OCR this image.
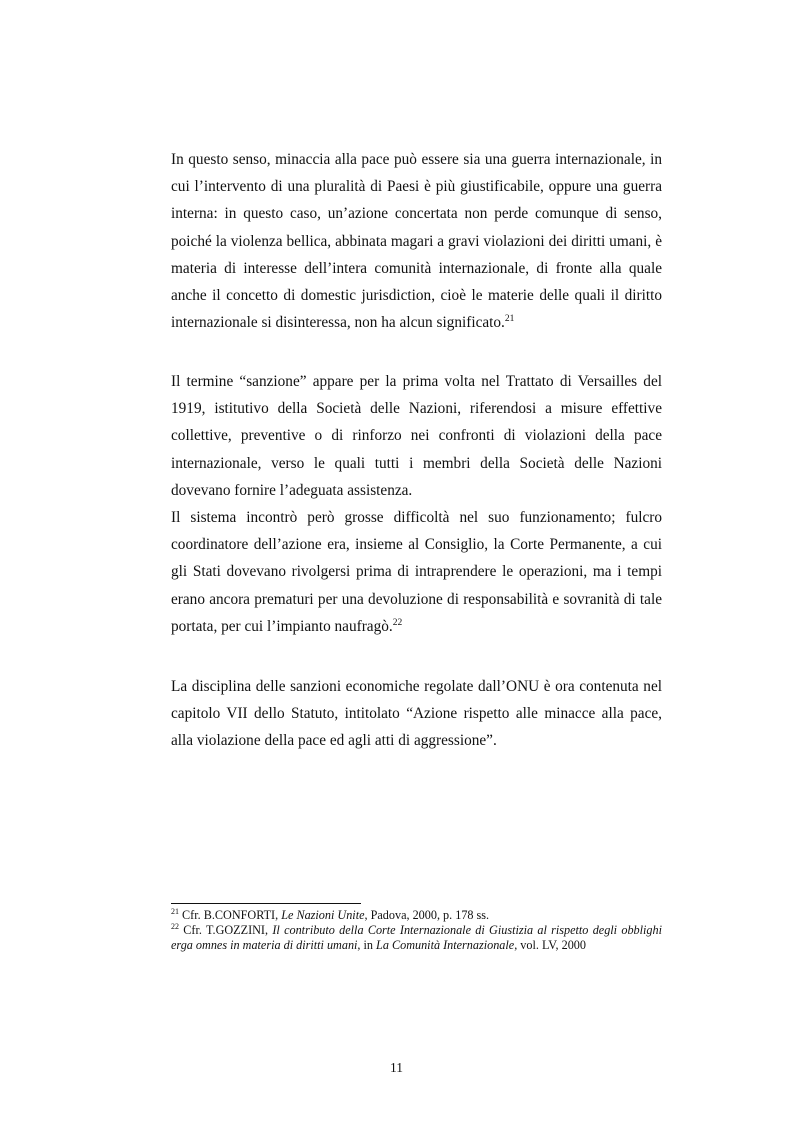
In questo senso, minaccia alla pace può essere sia una guerra internazionale, in cui l’intervento di una pluralità di Paesi è più giustificabile, oppure una guerra interna: in questo caso, un’azione concertata non perde comunque di senso, poiché la violenza bellica, abbinata magari a gravi violazioni dei diritti umani, è materia di interesse dell’intera comunità internazionale, di fronte alla quale anche il concetto di domestic jurisdiction, cioè le materie delle quali il diritto internazionale si disinteressa, non ha alcun significato.$^{21}$

Il termine “sanzione” appare per la prima volta nel Trattato di Versailles del 1919, istitutivo della Società delle Nazioni, riferendosi a misure effettive collettive, preventive o di rinforzo nei confronti di violazioni della pace internazionale, verso le quali tutti i membri della Società delle Nazioni dovevano fornire l’adeguata assistenza.

Il sistema incontrò però grosse difficoltà nel suo funzionamento; fulcro coordinatore dell’azione era, insieme al Consiglio, la Corte Permanente, a cui gli Stati dovevano rivolgersi prima di intraprendere le operazioni, ma i tempi erano ancora prematuri per una devoluzione di responsabilità e sovranità di tale portata, per cui l’impianto naufragò.$^{22}$

La disciplina delle sanzioni economiche regolate dall’ONU è ora contenuta nel capitolo VII dello Statuto, intitolato “Azione rispetto alle minacce alla pace, alla violazione della pace ed agli atti di aggressione”.

$^{21}$ Cfr. B.CONFORTI, Le Nazioni Unite, Padova, 2000, p. 178 ss.

$^{22}$ Cfr. T.GOZZINI, Il contributo della Corte Internazionale di Giustizia al rispetto degli obblighi erga omnes in materia di diritti umani, in La Comunità Internazionale, vol. LV, 2000

11
